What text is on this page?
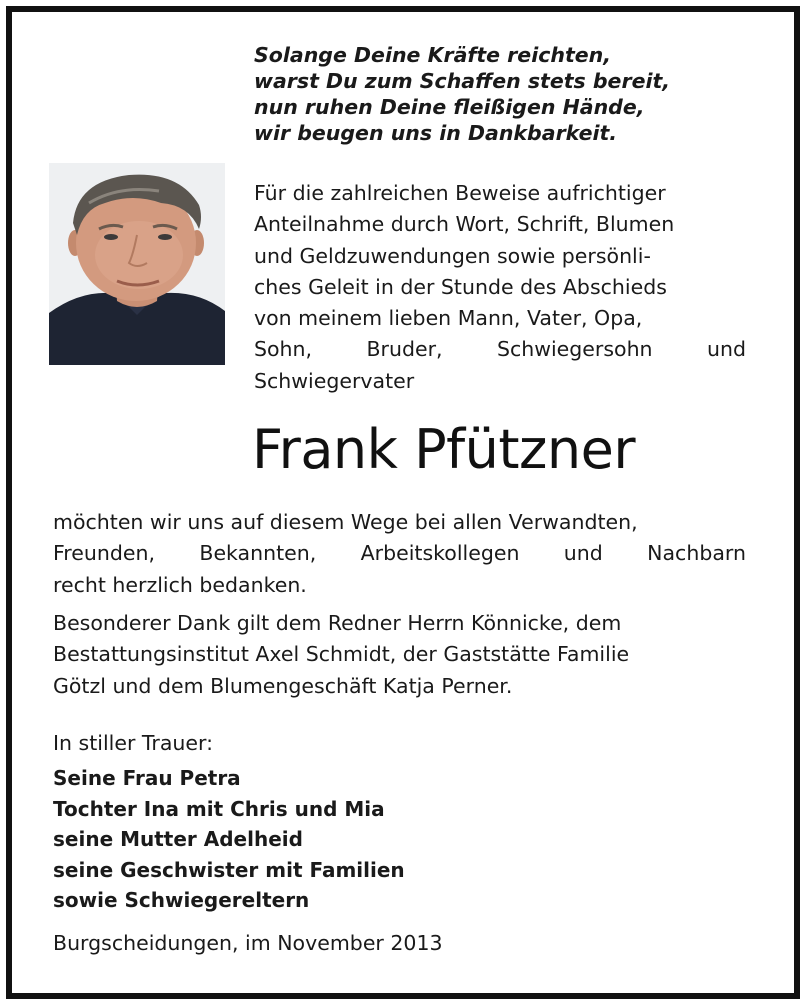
Solange Deine Kräfte reichten,
warst Du zum Schaffen stets bereit,
nun ruhen Deine fleißigen Hände,
wir beugen uns in Dankbarkeit.
Für die zahlreichen Beweise aufrichtiger
Anteilnahme durch Wort, Schrift, Blumen
und Geldzuwendungen sowie persönli-
ches Geleit in der Stunde des Abschieds
von meinem lieben Mann, Vater, Opa,
Sohn,	Bruder,	Schwiegersohn	und
Schwiegervater
Frank Pfützner
möchten wir uns auf diesem Wege bei allen Verwandten,
Freunden, Bekannten, Arbeitskollegen und Nachbarn
recht herzlich bedanken.
Besonderer Dank gilt dem Redner Herrn Könnicke, dem
Bestattungsinstitut Axel Schmidt, der Gaststätte Familie
Götzl und dem Blumengeschäft Katja Perner.
In stiller Trauer:
Seine Frau Petra
Tochter Ina mit Chris und Mia
seine Mutter Adelheid
seine Geschwister mit Familien
sowie Schwiegereltern
Burgscheidungen, im November 2013
